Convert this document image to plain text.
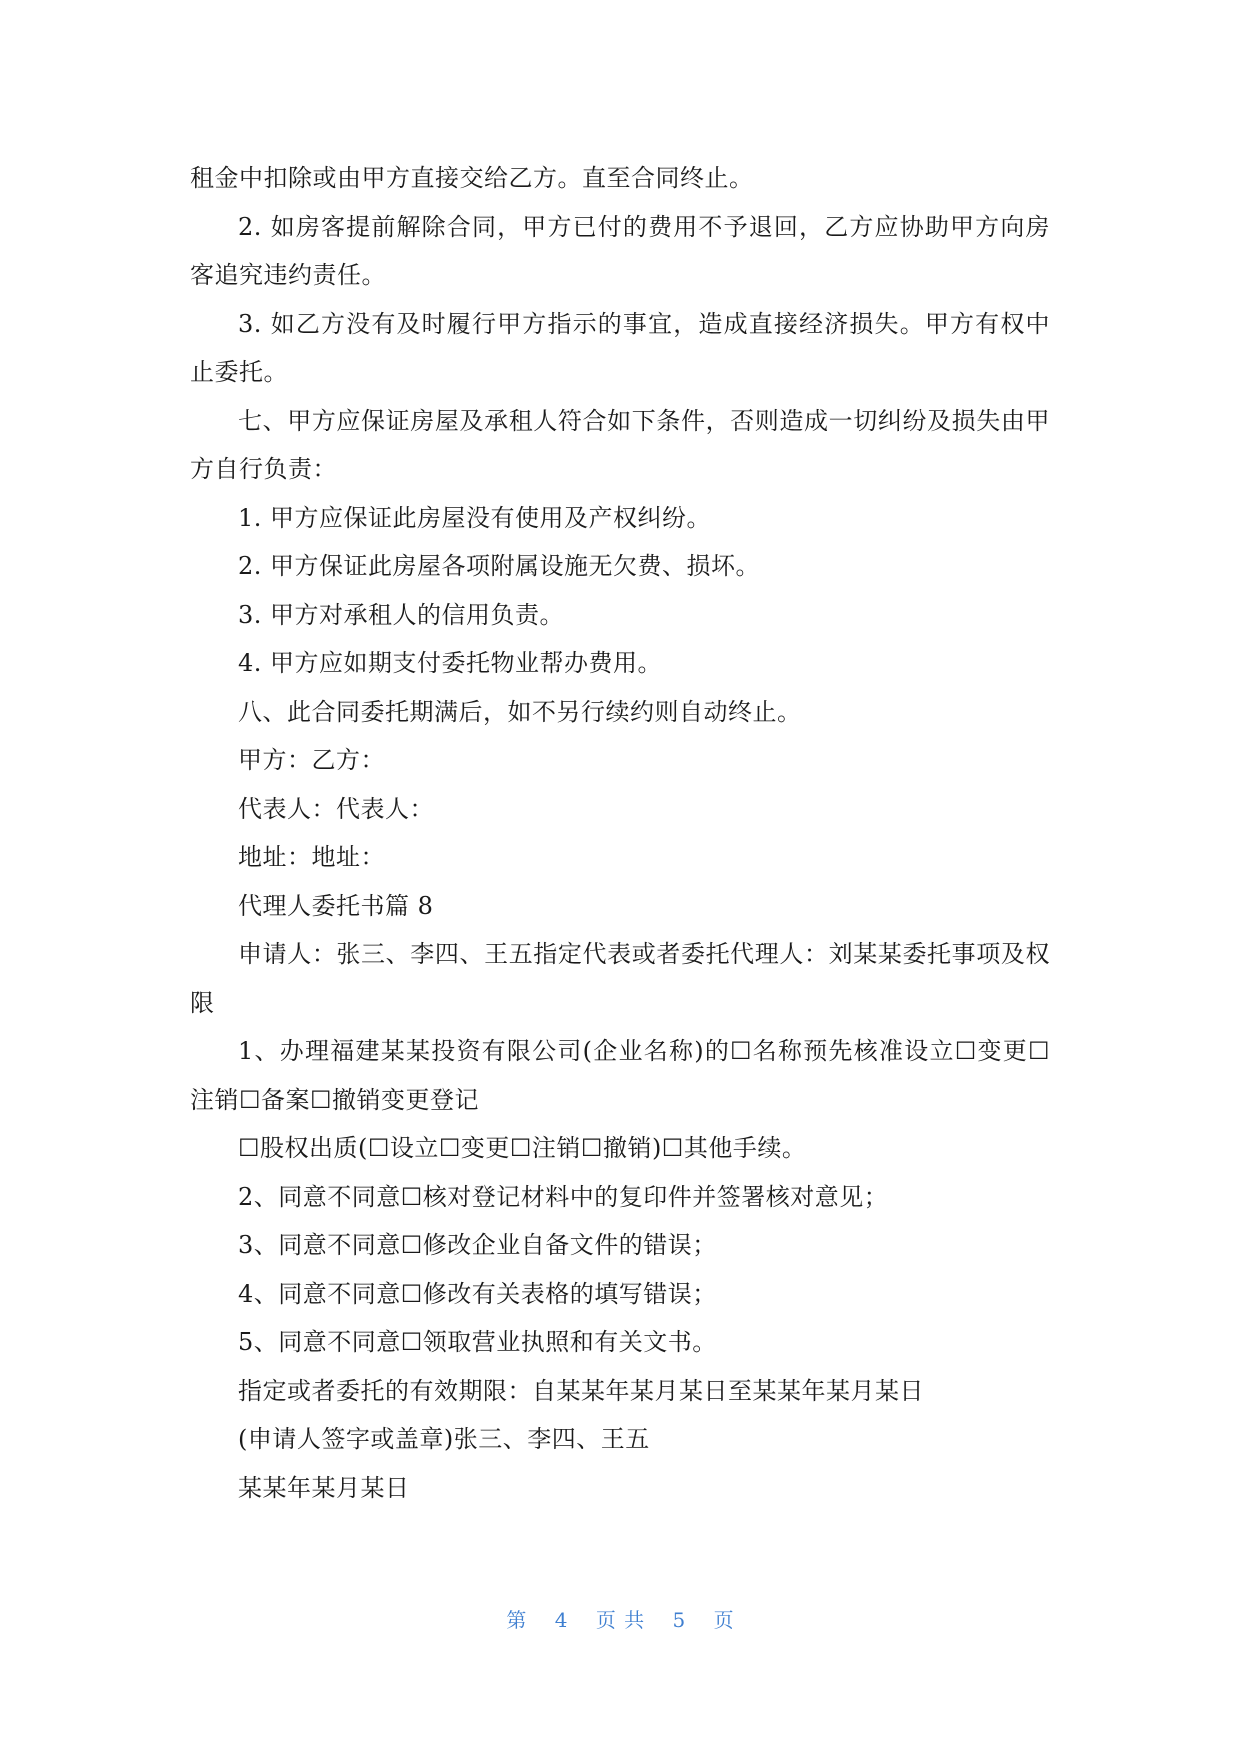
租金中扣除或由甲方直接交给乙方。直至合同终止。

2. 如房客提前解除合同，甲方已付的费用不予退回，乙方应协助甲方向房客追究违约责任。

3. 如乙方没有及时履行甲方指示的事宜，造成直接经济损失。甲方有权中止委托。

七、甲方应保证房屋及承租人符合如下条件，否则造成一切纠纷及损失由甲方自行负责：

1. 甲方应保证此房屋没有使用及产权纠纷。

2. 甲方保证此房屋各项附属设施无欠费、损坏。

3. 甲方对承租人的信用负责。

4. 甲方应如期支付委托物业帮办费用。

八、此合同委托期满后，如不另行续约则自动终止。

甲方：乙方：

代表人：代表人：

地址：地址：

代理人委托书篇 8

申请人：张三、李四、王五指定代表或者委托代理人：刘某某委托事项及权限

1、办理福建某某投资有限公司(企业名称)的☐名称预先核准设立☐变更☐注销☐备案☐撤销变更登记

☐股权出质(☐设立☐变更☐注销☐撤销)☐其他手续。

2、同意不同意☐核对登记材料中的复印件并签署核对意见；

3、同意不同意☐修改企业自备文件的错误；

4、同意不同意☐修改有关表格的填写错误；

5、同意不同意☐领取营业执照和有关文书。

指定或者委托的有效期限：自某某年某月某日至某某年某月某日

(申请人签字或盖章)张三、李四、王五

某某年某月某日

第 4 页 共 5 页
